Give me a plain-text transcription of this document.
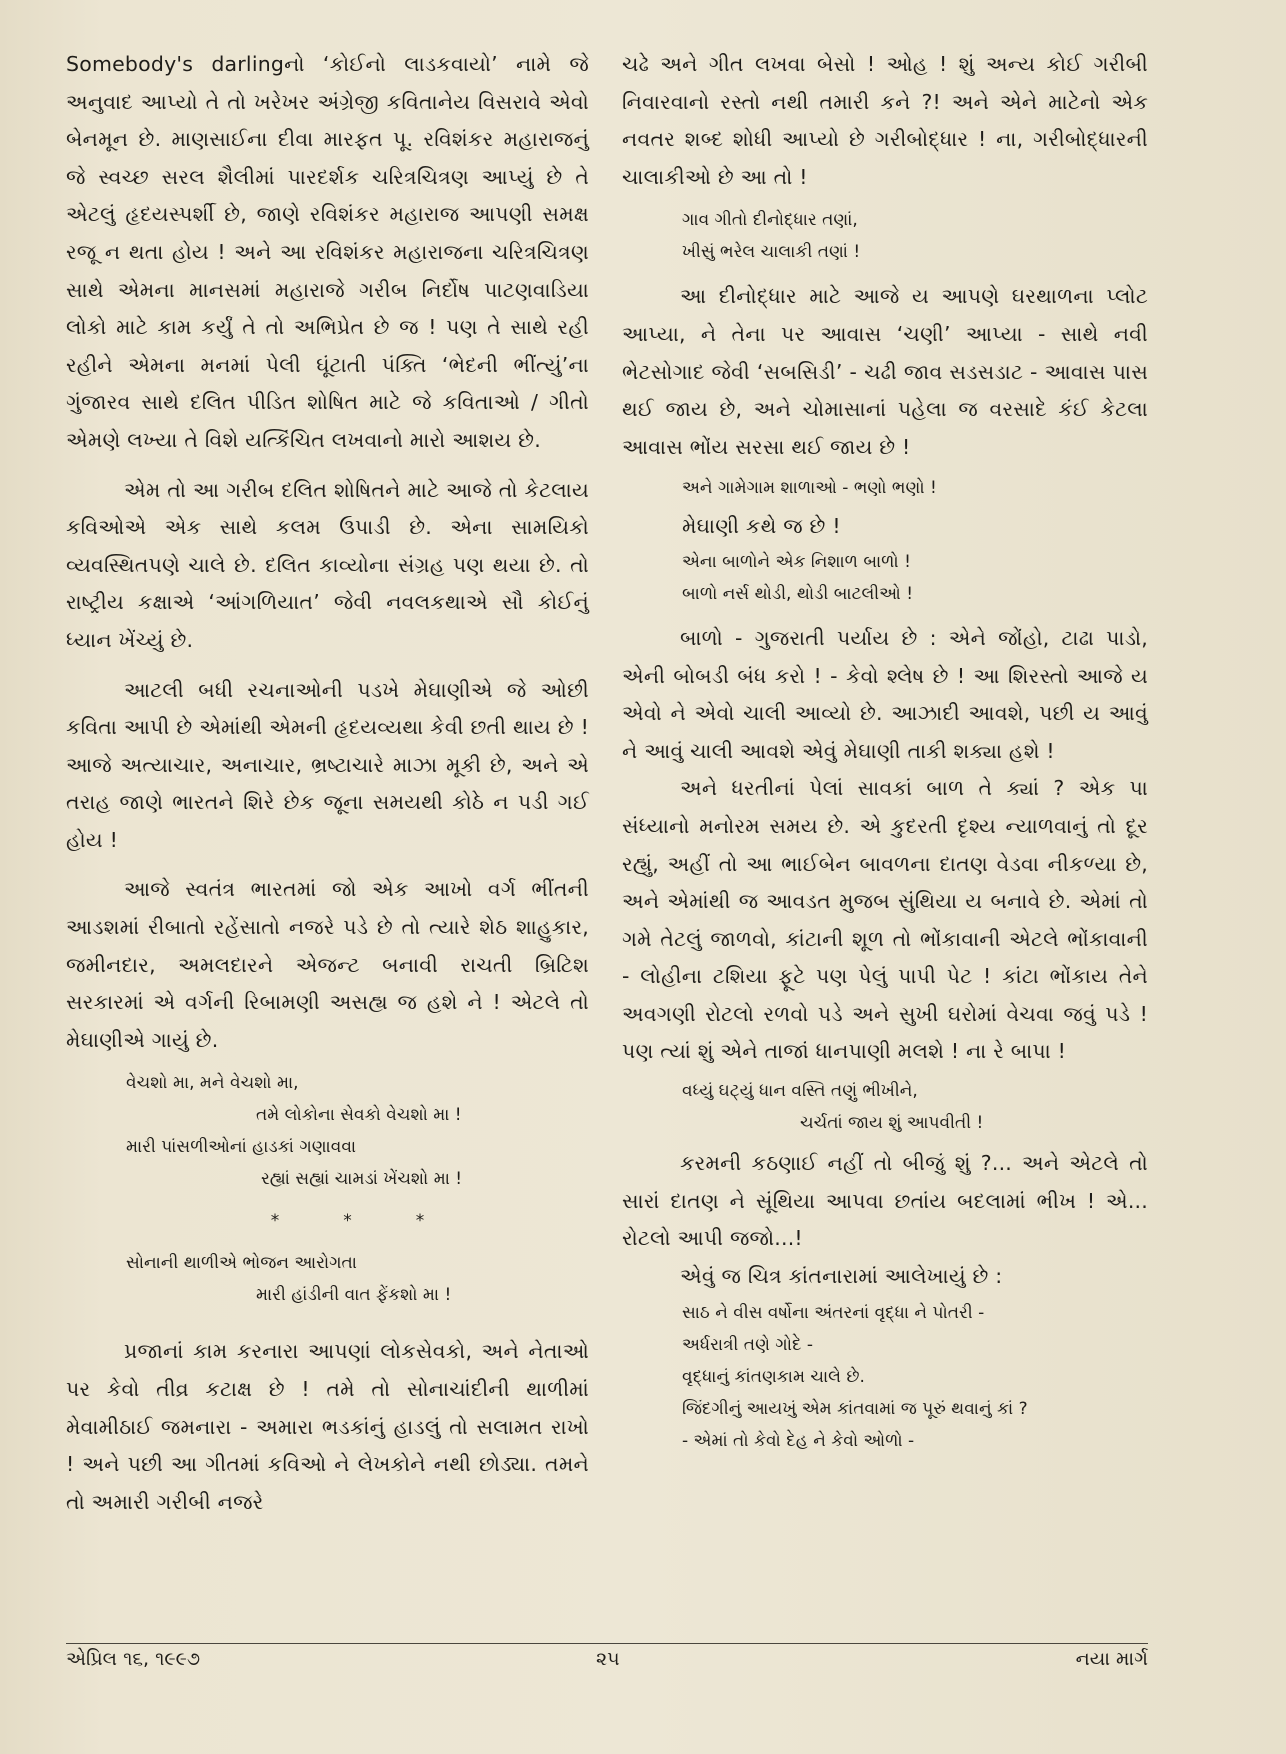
Somebody's darlingનો ‘કોઈનો લાડકવાયો’ નામે જે અનુવાદ આપ્યો તે તો ખરેખર અંગ્રેજી કવિતાનેય વિસરાવે એવો બેનમૂન છે. માણસાઈના દીવા મારફત પૂ. રવિશંકર મહારાજનું જે સ્વચ્છ સરલ શૈલીમાં પારદર્શક ચરિત્રચિત્રણ આપ્યું છે તે એટલું હૃદયસ્પર્શી છે, જાણે રવિશંકર મહારાજ આપણી સમક્ષ રજૂ ન થતા હોય ! અને આ રવિશંકર મહારાજના ચરિત્રચિત્રણ સાથે એમના માનસમાં મહારાજે ગરીબ નિર્દોષ પાટણવાડિયા લોકો માટે કામ કર્યું તે તો અભિપ્રેત છે જ ! પણ તે સાથે રહી રહીને એમના મનમાં પેલી ઘૂંટાતી પંક્તિ ‘ભેદની ભીંત્યું’ના ગુંજારવ સાથે દલિત પીડિત શોષિત માટે જે કવિતાઓ / ગીતો એમણે લખ્યા તે વિશે યત્કિંચિત લખવાનો મારો આશય છે.

એમ તો આ ગરીબ દલિત શોષિતને માટે આજે તો કેટલાય કવિઓએ એક સાથે કલમ ઉપાડી છે. એના સામયિકો વ્યવસ્થિતપણે ચાલે છે. દલિત કાવ્યોના સંગ્રહ પણ થયા છે. તો રાષ્ટ્રીય કક્ષાએ ‘આંગળિયાત’ જેવી નવલકથાએ સૌ કોઈનું ધ્યાન ખેંચ્યું છે.

આટલી બધી રચનાઓની પડખે મેઘાણીએ જે ઓછી કવિતા આપી છે એમાંથી એમની હૃદયવ્યથા કેવી છતી થાય છે ! આજે અત્યાચાર, અનાચાર, ભ્રષ્ટાચારે માઝા મૂકી છે, અને એ તરાહ જાણે ભારતને શિરે છેક જૂના સમયથી કોઠે ન પડી ગઈ હોય !

આજે સ્વતંત્ર ભારતમાં જો એક આખો વર્ગ ભીંતની આડશમાં રીબાતો રહેંસાતો નજરે પડે છે તો ત્યારે શેઠ શાહુકાર, જમીનદાર, અમલદારને એજન્ટ બનાવી રાચતી બ્રિટિશ સરકારમાં એ વર્ગની રિબામણી અસહ્ય જ હશે ને ! એટલે તો મેઘાણીએ ગાયું છે.

વેચશો મા, મને વેચશો મા,
તમે લોકોના સેવકો વેચશો મા !
મારી પાંસળીઓનાં હાડકાં ગણાવવા
રહ્યાં સહ્યાં ચામડાં ખેંચશો મા !
*	*	*
સોનાની થાળીએ ભોજન આરોગતા
મારી હાંડીની વાત ફેંકશો મા !

પ્રજાનાં કામ કરનારા આપણાં લોકસેવકો, અને નેતાઓ પર કેવો તીવ્ર કટાક્ષ છે ! તમે તો સોનાચાંદીની થાળીમાં મેવામીઠાઈ જમનારા - અમારા ભડકાંનું હાડલું તો સલામત રાખો ! અને પછી આ ગીતમાં કવિઓ ને લેખકોને નથી છોડ્યા. તમને તો અમારી ગરીબી નજરે

ચઢે અને ગીત લખવા બેસો ! ઓહ ! શું અન્ય કોઈ ગરીબી નિવારવાનો રસ્તો નથી તમારી કને ?! અને એને માટેનો એક નવતર શબ્દ શોધી આપ્યો છે ગરીબોદ્ધાર ! ના, ગરીબોદ્ધારની ચાલાકીઓ છે આ તો !

ગાવ ગીતો દીનોદ્ધાર તણાં,
ખીસું ભરેલ ચાલાકી તણાં !

આ દીનોદ્ધાર માટે આજે ય આપણે ઘરથાળના પ્લોટ આપ્યા, ને તેના પર આવાસ ‘ચણી’ આપ્યા - સાથે નવી ભેટસોગાદ જેવી ‘સબસિડી’ - ચઢી જાવ સડસડાટ - આવાસ પાસ થઈ જાય છે, અને ચોમાસાનાં પહેલા જ વરસાદે કંઈ કેટલા આવાસ ભોંય સરસા થઈ જાય છે !

અને ગામેગામ શાળાઓ - ભણો ભણો !

મેઘાણી કથે જ છે !

એના બાળોને એક નિશાળ બાળો !
બાળો નર્સ થોડી, થોડી બાટલીઓ !

બાળો - ગુજરાતી પર્યાય છે : એને જોંહો, ટાઢા પાડો, એની બોબડી બંધ કરો ! - કેવો શ્લેષ છે ! આ શિરસ્તો આજે ય એવો ને એવો ચાલી આવ્યો છે. આઝાદી આવશે, પછી ય આવું ને આવું ચાલી આવશે એવું મેઘાણી તાકી શક્યા હશે !

અને ધરતીનાં પેલાં સાવકાં બાળ તે ક્યાં ? એક પા સંધ્યાનો મનોરમ સમય છે. એ કુદરતી દૃશ્ય ન્યાળવાનું તો દૂર રહ્યું, અહીં તો આ ભાઈબેન બાવળના દાતણ વેડવા નીકળ્યા છે, અને એમાંથી જ આવડત મુજબ સુંથિયા ય બનાવે છે. એમાં તો ગમે તેટલું જાળવો, કાંટાની શૂળ તો ભોંકાવાની એટલે ભોંકાવાની - લોહીના ટશિયા ફૂટે પણ પેલું પાપી પેટ ! કાંટા ભોંકાય તેને અવગણી રોટલો રળવો પડે અને સુખી ઘરોમાં વેચવા જવું પડે ! પણ ત્યાં શું એને તાજાં ધાનપાણી મલશે ! ના રે બાપા !

વધ્યું ઘટ્યું ધાન વસ્તિ તણું ભીખીને,
ચર્ચતાં જાય શું આપવીતી !

કરમની કઠણાઈ નહીં તો બીજું શું ?... અને એટલે તો સારાં દાતણ ને સૂંથિયા આપવા છતાંય બદલામાં ભીખ ! એ... રોટલો આપી જજો...!

એવું જ ચિત્ર કાંતનારામાં આલેખાયું છે :

સાઠ ને વીસ વર્ષોના અંતરનાં વૃદ્ધા ને પોતરી -
અર્ધરાત્રી તણે ગોદે -
વૃદ્ધાનું કાંતણકામ ચાલે છે.
જિંદગીનું આયખું એમ કાંતવામાં જ પૂરું થવાનું કાં ?
- એમાં તો કેવો દેહ ને કેવો ઓળો -
એપ્રિલ ૧૬, ૧૯૯૭	૨૫	નયા માર્ગ
